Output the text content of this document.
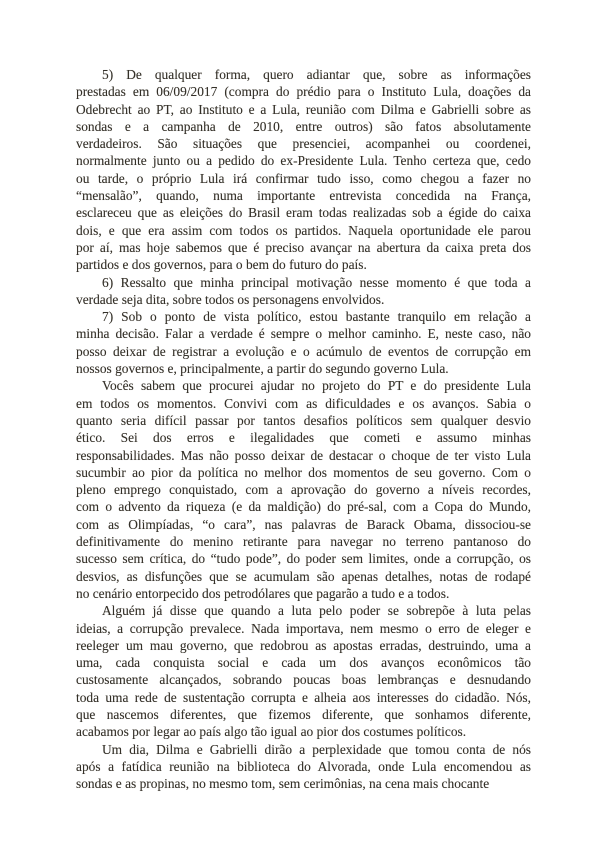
5) De qualquer forma, quero adiantar que, sobre as informações
prestadas em 06/09/2017 (compra do prédio para o Instituto Lula, doações da
Odebrecht ao PT, ao Instituto e a Lula, reunião com Dilma e Gabrielli sobre as
sondas e a campanha de 2010, entre outros) são fatos absolutamente
verdadeiros. São situações que presenciei, acompanhei ou coordenei,
normalmente junto ou a pedido do ex-Presidente Lula. Tenho certeza que, cedo
ou tarde, o próprio Lula irá confirmar tudo isso, como chegou a fazer no
“mensalão”, quando, numa importante entrevista concedida na França,
esclareceu que as eleições do Brasil eram todas realizadas sob a égide do caixa
dois, e que era assim com todos os partidos. Naquela oportunidade ele parou
por aí, mas hoje sabemos que é preciso avançar na abertura da caixa preta dos
partidos e dos governos, para o bem do futuro do país.

6) Ressalto que minha principal motivação nesse momento é que toda a
verdade seja dita, sobre todos os personagens envolvidos.

7) Sob o ponto de vista político, estou bastante tranquilo em relação a
minha decisão. Falar a verdade é sempre o melhor caminho. E, neste caso, não
posso deixar de registrar a evolução e o acúmulo de eventos de corrupção em
nossos governos e, principalmente, a partir do segundo governo Lula.

Vocês sabem que procurei ajudar no projeto do PT e do presidente Lula
em todos os momentos. Convivi com as dificuldades e os avanços. Sabia o
quanto seria difícil passar por tantos desafios políticos sem qualquer desvio
ético. Sei dos erros e ilegalidades que cometi e assumo minhas
responsabilidades. Mas não posso deixar de destacar o choque de ter visto Lula
sucumbir ao pior da política no melhor dos momentos de seu governo. Com o
pleno emprego conquistado, com a aprovação do governo a níveis recordes,
com o advento da riqueza (e da maldição) do pré-sal, com a Copa do Mundo,
com as Olimpíadas, “o cara”, nas palavras de Barack Obama, dissociou-se
definitivamente do menino retirante para navegar no terreno pantanoso do
sucesso sem crítica, do “tudo pode”, do poder sem limites, onde a corrupção, os
desvios, as disfunções que se acumulam são apenas detalhes, notas de rodapé
no cenário entorpecido dos petrodólares que pagarão a tudo e a todos.

Alguém já disse que quando a luta pelo poder se sobrepõe à luta pelas
ideias, a corrupção prevalece. Nada importava, nem mesmo o erro de eleger e
reeleger um mau governo, que redobrou as apostas erradas, destruindo, uma a
uma, cada conquista social e cada um dos avanços econômicos tão
custosamente alcançados, sobrando poucas boas lembranças e desnudando
toda uma rede de sustentação corrupta e alheia aos interesses do cidadão. Nós,
que nascemos diferentes, que fizemos diferente, que sonhamos diferente,
acabamos por legar ao país algo tão igual ao pior dos costumes políticos.

Um dia, Dilma e Gabrielli dirão a perplexidade que tomou conta de nós
após a fatídica reunião na biblioteca do Alvorada, onde Lula encomendou as
sondas e as propinas, no mesmo tom, sem cerimônias, na cena mais chocante
